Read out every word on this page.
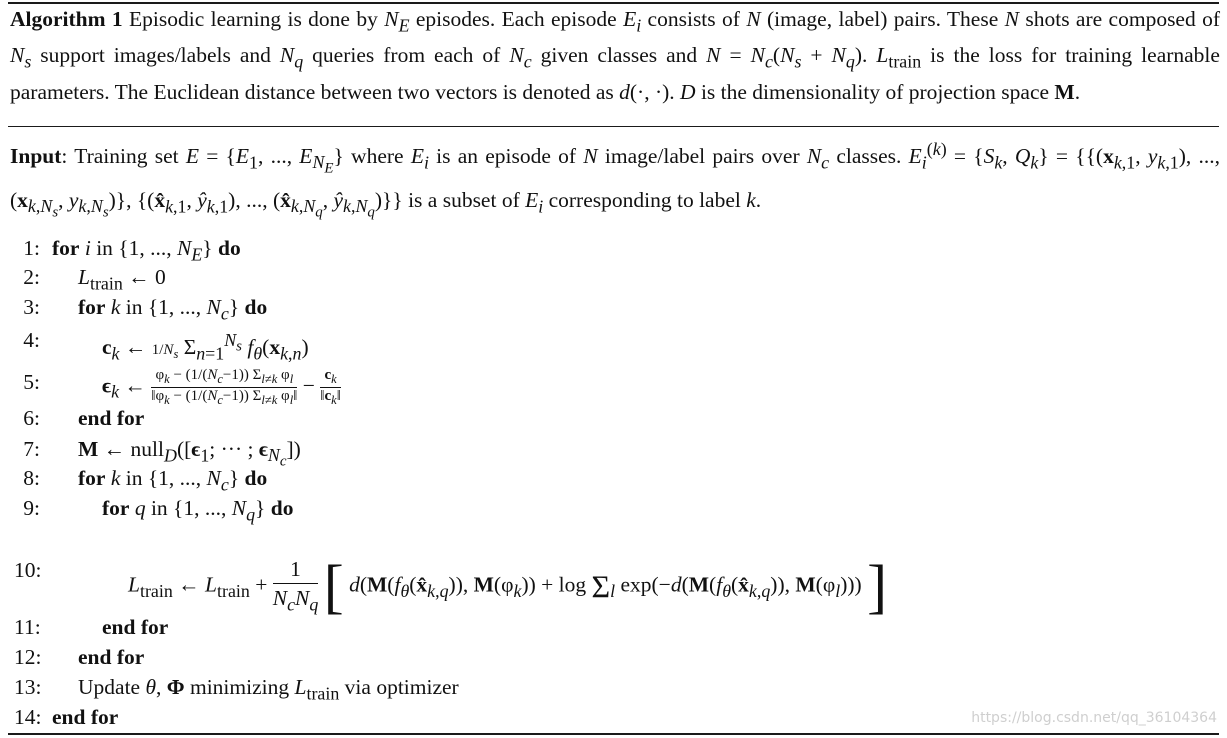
Algorithm 1 Episodic learning is done by $N_E$ episodes. Each episode $E_i$ consists of N (image, label) pairs. These N shots are composed of $N_s$ support images/labels and $N_q$ queries from each of $N_c$ given classes and $N = N_c(N_s + N_q)$. $L_{train}$ is the loss for training learnable parameters. The Euclidean distance between two vectors is denoted as d(·, ·). D is the dimensionality of projection space M.
Input: Training set $E = \{E_1$, ..., $E_{N_E}$} where $E_i$ is an episode of N image/label pairs over $N_c$ classes. $E_i^{(k)} = \{S_k$, $Q_k\} = \{\{(x_{k,1}$, $y_{k,1}$), ..., ($x_{k,N_s}$, $y_{k,N_s}$)}, {($x̂_{k,1}$, $ŷ_{k,1}$), ..., ($x̂_{k,N_q}$, $ŷ_{k,N_q}$)}} is a subset of $E_i$ corresponding to label k.
1: for i in {1, ..., $N_E$} do
2: $L_{train}$ ← 0
3: for k in {1, ..., $N_c$} do
4:	$c_k$ ← $1/N_s$ $\Sigma_{n=1}^{N_s}$ $f_\theta(x_{k,n})$
5:	$\epsilon_k$ ← $\frac{\varphi_k - (1/(N_c-1)) \Sigma_{l\ne k} \varphi_l}{‖\varphi_k - (1/(N_c-1)) \Sigma_{l\ne k} \varphi_l‖} - \frac{c_k}{‖c_k‖}$
6: end for
7: M ← $null_D([\epsilon_1$; ··· ; $\epsilon_{N_c}$])
8: for k in {1, ..., $N_c$} do
9:	for q in {1, ..., $N_q$} do
10:
$L_{train}$ ← $L_{train}$ +
1
$N_cN_q$ [ $d(M(f_\theta(x̂_{k,q}))$, $M(\varphi_k)) + \log \Sigma_l$ $\exp(-d(M(f_\theta(x̂_{k,q}))$, $M(\varphi_l)$)) ]
11:	end for
12: end for
13: Update θ, Φ minimizing $L_{train}$ via optimizer
14: end for	https://blog.csdn.net/qq_36104364
